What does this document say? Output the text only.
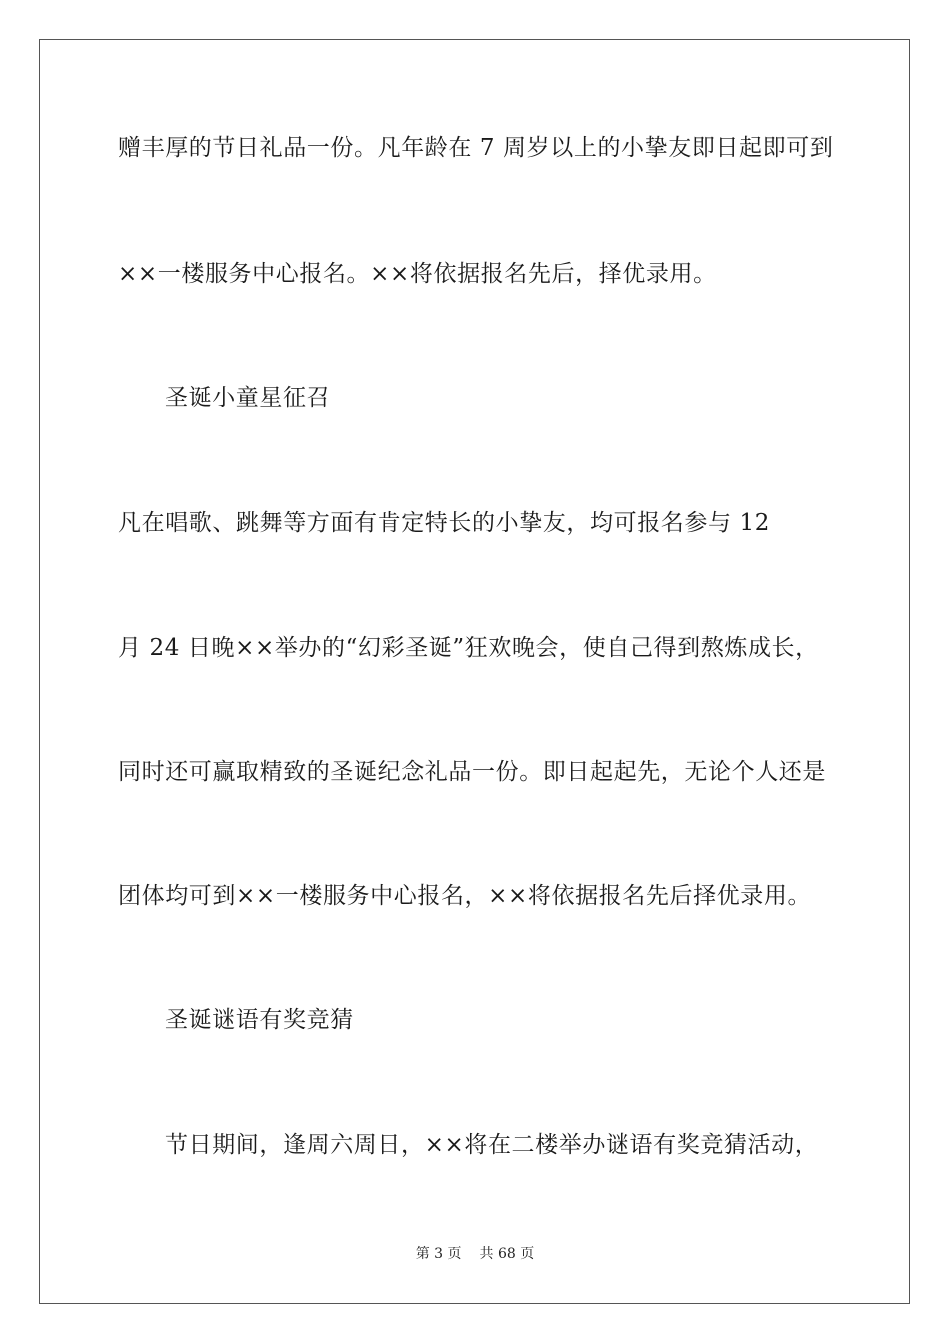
赠丰厚的节日礼品一份。凡年龄在 7 周岁以上的小挚友即日起即可到
××一楼服务中心报名。××将依据报名先后，择优录用。
圣诞小童星征召
凡在唱歌、跳舞等方面有肯定特长的小挚友，均可报名参与 12
月 24 日晚××举办的“幻彩圣诞”狂欢晚会，使自己得到熬炼成长，
同时还可赢取精致的圣诞纪念礼品一份。即日起起先，无论个人还是
团体均可到××一楼服务中心报名，××将依据报名先后择优录用。
圣诞谜语有奖竞猜
节日期间，逢周六周日，××将在二楼举办谜语有奖竞猜活动，
第 3 页 共 68 页
